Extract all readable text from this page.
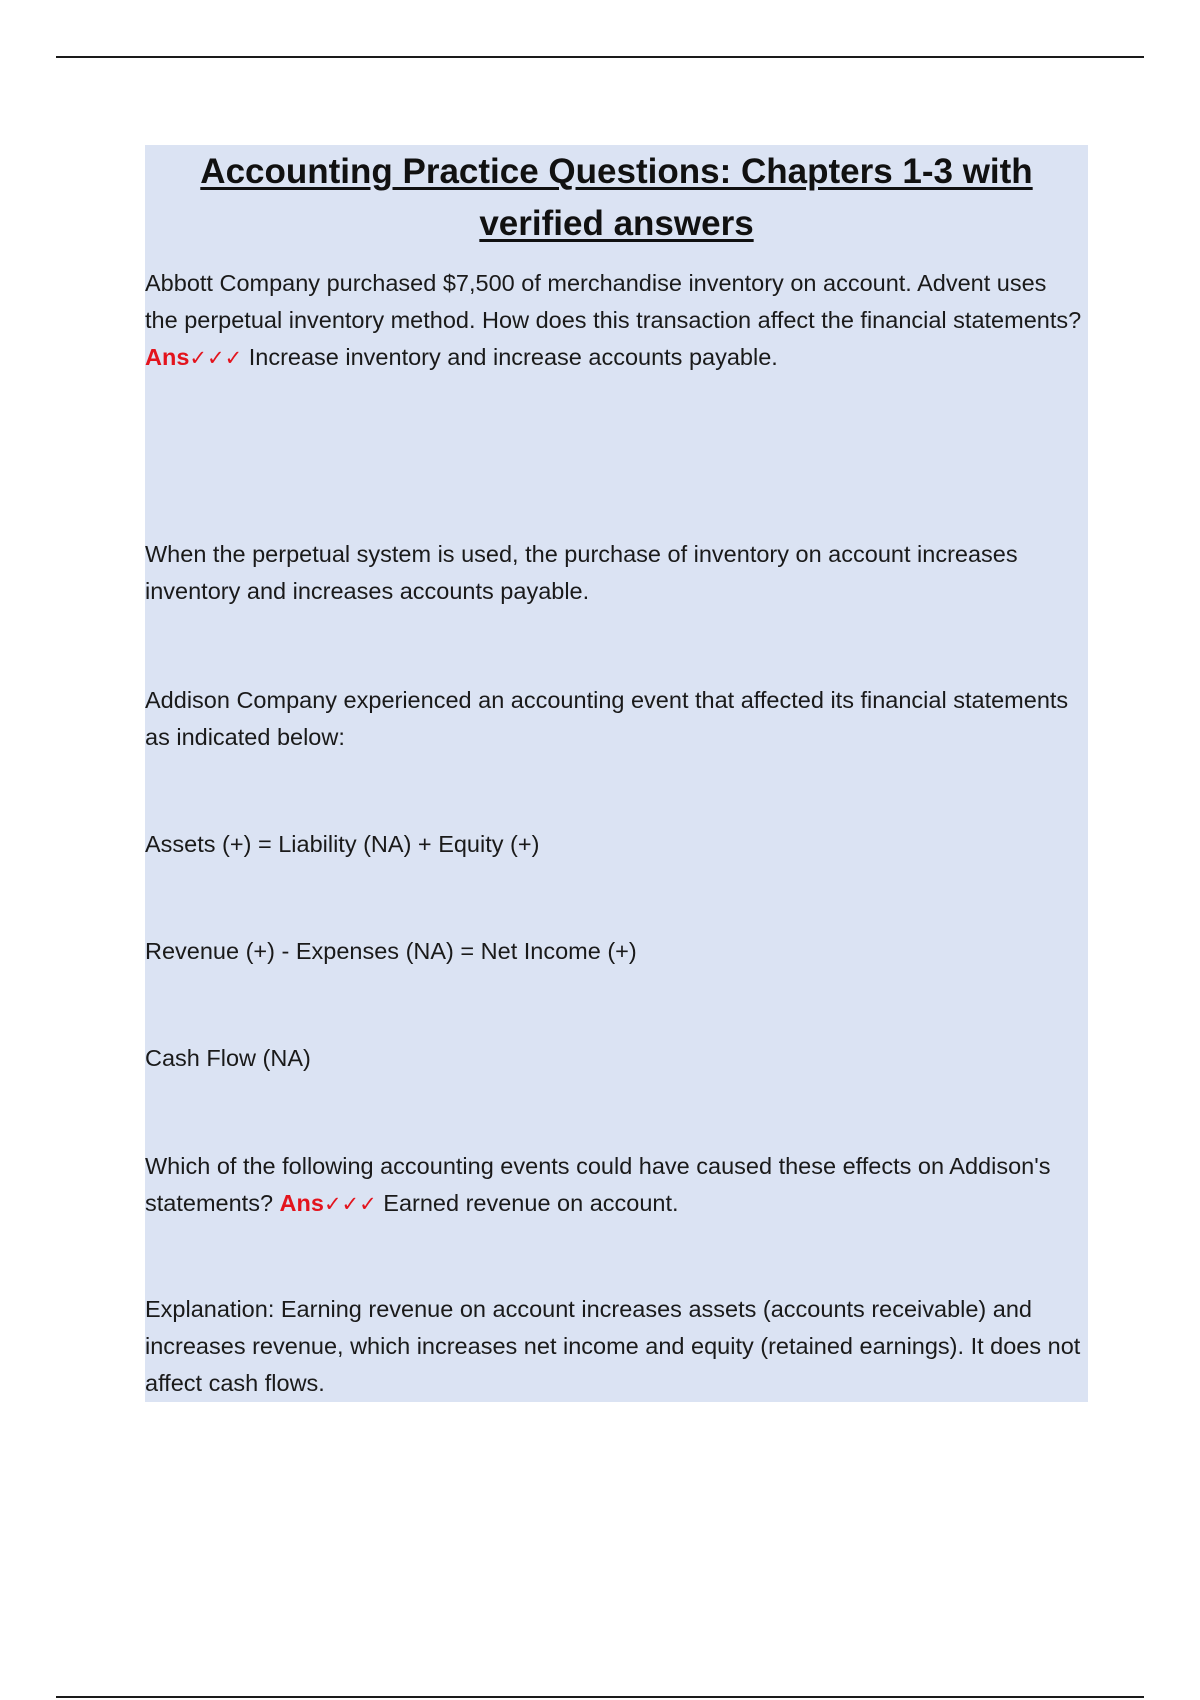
Accounting Practice Questions: Chapters 1-3 with verified answers

Abbott Company purchased $7,500 of merchandise inventory on account. Advent uses the perpetual inventory method. How does this transaction affect the financial statements? Ans✓✓✓ Increase inventory and increase accounts payable.

When the perpetual system is used, the purchase of inventory on account increases inventory and increases accounts payable.

Addison Company experienced an accounting event that affected its financial statements as indicated below:

Assets (+) = Liability (NA) + Equity (+)

Revenue (+) - Expenses (NA) = Net Income (+)

Cash Flow (NA)

Which of the following accounting events could have caused these effects on Addison's statements? Ans✓✓✓ Earned revenue on account.

Explanation: Earning revenue on account increases assets (accounts receivable) and increases revenue, which increases net income and equity (retained earnings). It does not affect cash flows.
